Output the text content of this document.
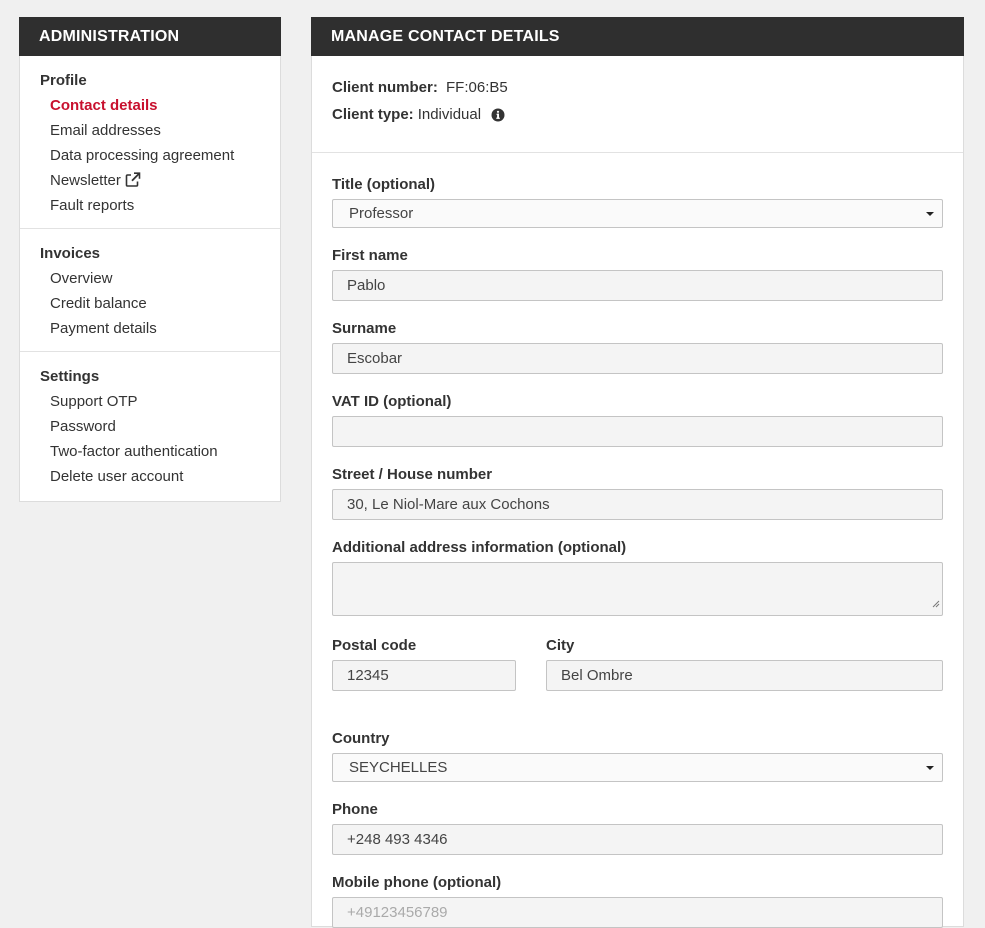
ADMINISTRATION
Profile
Contact details
Email addresses
Data processing agreement
Newsletter
Fault reports
Invoices
Overview
Credit balance
Payment details
Settings
Support OTP
Password
Two-factor authentication
Delete user account
MANAGE CONTACT DETAILS
Client number: FF:06:B5
Client type: Individual
Title (optional)
Professor
First name
Pablo
Surname
Escobar
VAT ID (optional)
Street / House number
30, Le Niol-Mare aux Cochons
Additional address information (optional)
Postal code
12345
City
Bel Ombre
Country
SEYCHELLES
Phone
+248 493 4346
Mobile phone (optional)
+49123456789
